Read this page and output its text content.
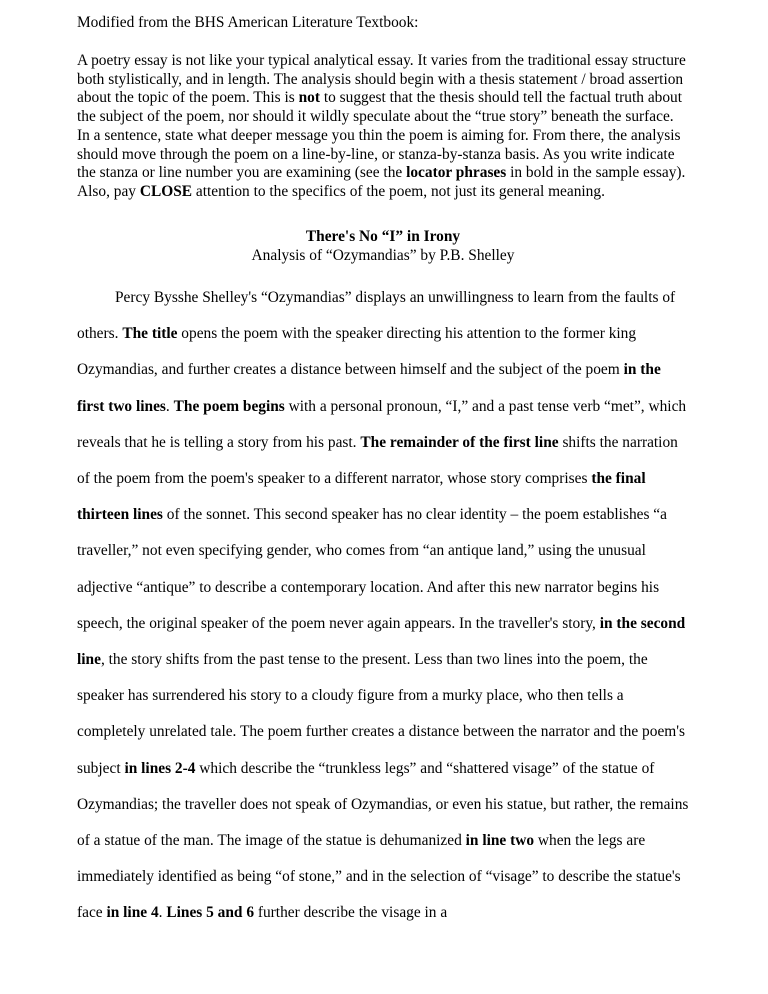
Modified from the BHS American Literature Textbook:

A poetry essay is not like your typical analytical essay. It varies from the traditional essay structure both stylistically, and in length. The analysis should begin with a thesis statement / broad assertion about the topic of the poem. This is not to suggest that the thesis should tell the factual truth about the subject of the poem, nor should it wildly speculate about the “true story” beneath the surface. In a sentence, state what deeper message you thin the poem is aiming for. From there, the analysis should move through the poem on a line-by-line, or stanza-by-stanza basis. As you write indicate the stanza or line number you are examining (see the locator phrases in bold in the sample essay). Also, pay CLOSE attention to the specifics of the poem, not just its general meaning.

There's No “I” in Irony

Analysis of “Ozymandias” by P.B. Shelley

Percy Bysshe Shelley's “Ozymandias” displays an unwillingness to learn from the faults of others. The title opens the poem with the speaker directing his attention to the former king Ozymandias, and further creates a distance between himself and the subject of the poem in the first two lines. The poem begins with a personal pronoun, “I,” and a past tense verb “met”, which reveals that he is telling a story from his past. The remainder of the first line shifts the narration of the poem from the poem's speaker to a different narrator, whose story comprises the final thirteen lines of the sonnet. This second speaker has no clear identity – the poem establishes “a traveller,” not even specifying gender, who comes from “an antique land,” using the unusual adjective “antique” to describe a contemporary location. And after this new narrator begins his speech, the original speaker of the poem never again appears. In the traveller's story, in the second line, the story shifts from the past tense to the present. Less than two lines into the poem, the speaker has surrendered his story to a cloudy figure from a murky place, who then tells a completely unrelated tale. The poem further creates a distance between the narrator and the poem's subject in lines 2-4 which describe the “trunkless legs” and “shattered visage” of the statue of Ozymandias; the traveller does not speak of Ozymandias, or even his statue, but rather, the remains of a statue of the man. The image of the statue is dehumanized in line two when the legs are immediately identified as being “of stone,” and in the selection of “visage” to describe the statue's face in line 4. Lines 5 and 6 further describe the visage in a
